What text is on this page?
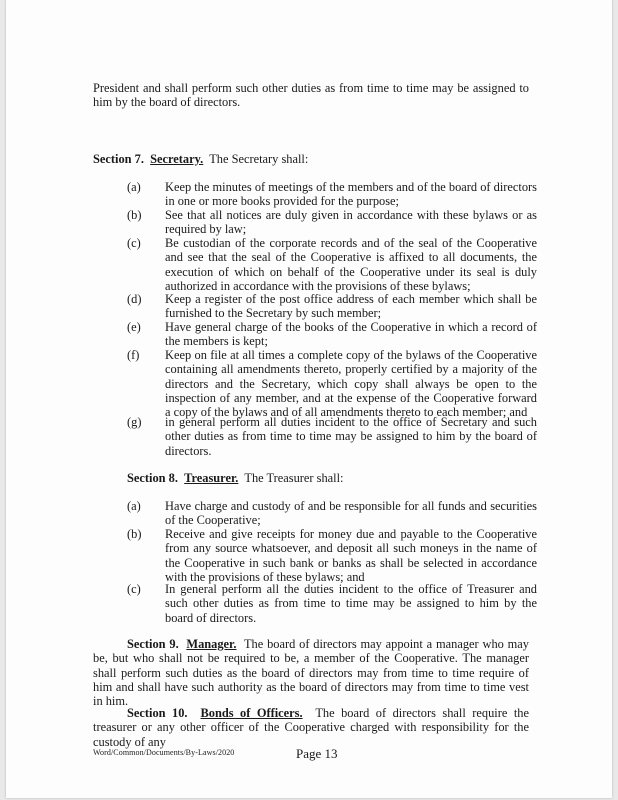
President and shall perform such other duties as from time to time may be assigned to him by the board of directors.
Section 7. Secretary. The Secretary shall:
(a) Keep the minutes of meetings of the members and of the board of directors in one or more books provided for the purpose;
(b) See that all notices are duly given in accordance with these bylaws or as required by law;
(c) Be custodian of the corporate records and of the seal of the Cooperative and see that the seal of the Cooperative is affixed to all documents, the execution of which on behalf of the Cooperative under its seal is duly authorized in accordance with the provisions of these bylaws;
(d) Keep a register of the post office address of each member which shall be furnished to the Secretary by such member;
(e) Have general charge of the books of the Cooperative in which a record of the members is kept;
(f) Keep on file at all times a complete copy of the bylaws of the Cooperative containing all amendments thereto, properly certified by a majority of the directors and the Secretary, which copy shall always be open to the inspection of any member, and at the expense of the Cooperative forward a copy of the bylaws and of all amendments thereto to each member; and
(g) in general perform all duties incident to the office of Secretary and such other duties as from time to time may be assigned to him by the board of directors.
Section 8. Treasurer. The Treasurer shall:
(a) Have charge and custody of and be responsible for all funds and securities of the Cooperative;
(b) Receive and give receipts for money due and payable to the Cooperative from any source whatsoever, and deposit all such moneys in the name of the Cooperative in such bank or banks as shall be selected in accordance with the provisions of these bylaws; and
(c) In general perform all the duties incident to the office of Treasurer and such other duties as from time to time may be assigned to him by the board of directors.
Section 9. Manager. The board of directors may appoint a manager who may be, but who shall not be required to be, a member of the Cooperative. The manager shall perform such duties as the board of directors may from time to time require of him and shall have such authority as the board of directors may from time to time vest in him.
Section 10. Bonds of Officers. The board of directors shall require the treasurer or any other officer of the Cooperative charged with responsibility for the custody of any
Word/Common/Documents/By-Laws/2020	Page 13
